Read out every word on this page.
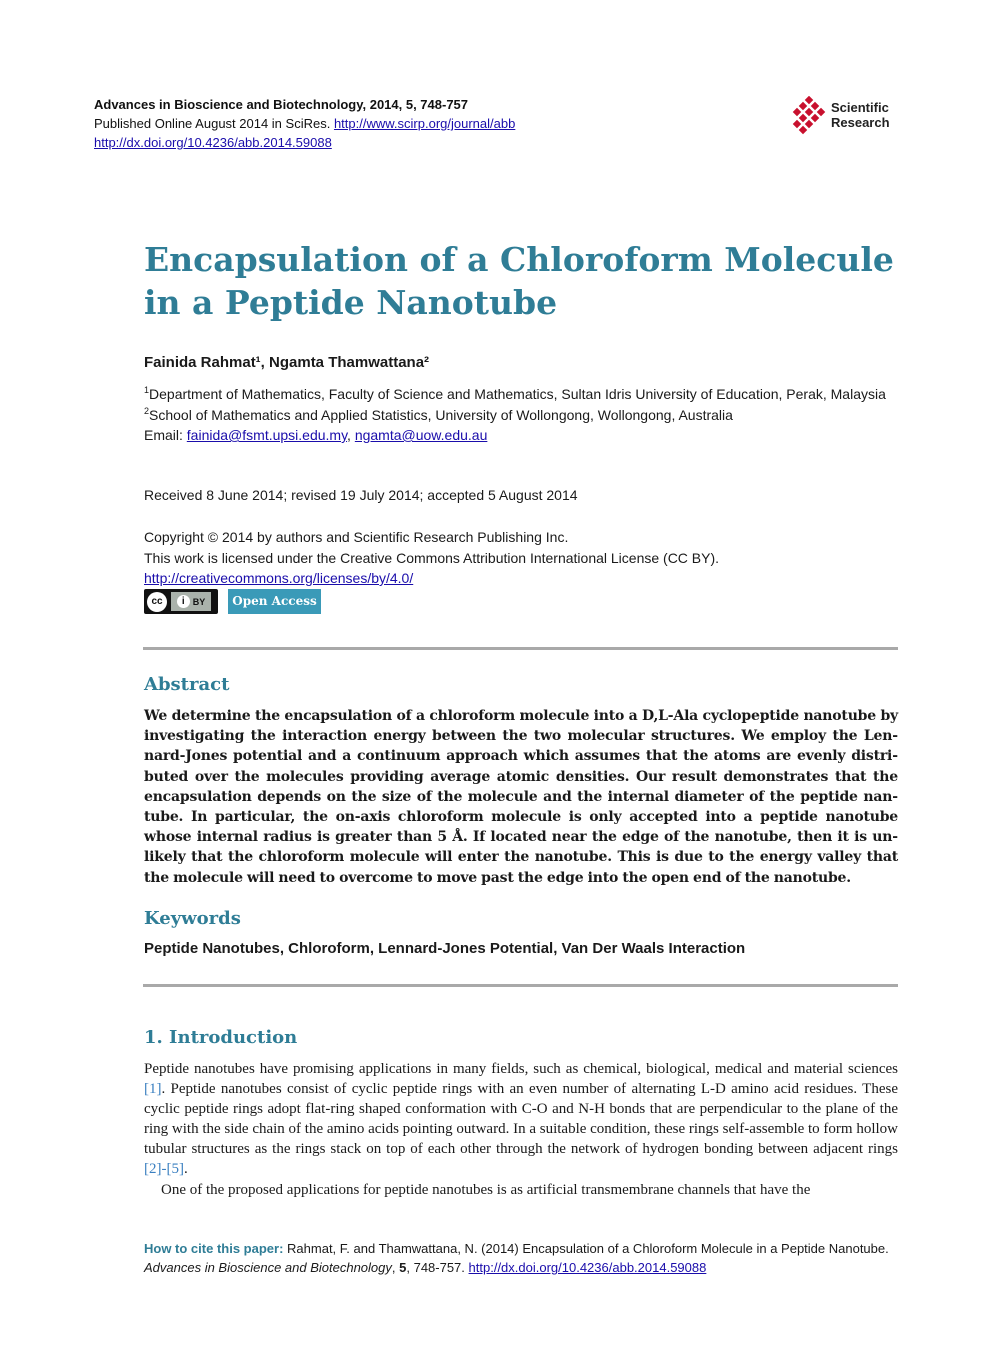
Advances in Bioscience and Biotechnology, 2014, 5, 748-757
Published Online August 2014 in SciRes. http://www.scirp.org/journal/abb
http://dx.doi.org/10.4236/abb.2014.59088
Scientific
Research
Encapsulation of a Chloroform Molecule
in a Peptide Nanotube
Fainida Rahmat¹, Ngamta Thamwattana²
$^1$Department of Mathematics, Faculty of Science and Mathematics, Sultan Idris University of Education, Perak, Malaysia
$^2$School of Mathematics and Applied Statistics, University of Wollongong, Wollongong, Australia
Email: fainida@fsmt.upsi.edu.my, ngamta@uow.edu.au
Received 8 June 2014; revised 19 July 2014; accepted 5 August 2014
Copyright © 2014 by authors and Scientific Research Publishing Inc.
This work is licensed under the Creative Commons Attribution International License (CC BY).
http://creativecommons.org/licenses/by/4.0/
cc	i BY	Open Access
Abstract
We determine the encapsulation of a chloroform molecule into a D,L-Ala cyclopeptide nanotube by investigating the interaction energy between the two molecular structures. We employ the Lennard-Jones potential and a continuum approach which assumes that the atoms are evenly distributed over the molecules providing average atomic densities. Our result demonstrates that the encapsulation depends on the size of the molecule and the internal diameter of the peptide nantube. In particular, the on-axis chloroform molecule is only accepted into a peptide nanotube whose internal radius is greater than 5 Å. If located near the edge of the nanotube, then it is unlikely that the chloroform molecule will enter the nanotube. This is due to the energy valley that the molecule will need to overcome to move past the edge into the open end of the nanotube.
Keywords
Peptide Nanotubes, Chloroform, Lennard-Jones Potential, Van Der Waals Interaction
1. Introduction

Peptide nanotubes have promising applications in many fields, such as chemical, biological, medical and material sciences [1]. Peptide nanotubes consist of cyclic peptide rings with an even number of alternating L-D amino acid residues. These cyclic peptide rings adopt flat-ring shaped conformation with C-O and N-H bonds that are perpendicular to the plane of the ring with the side chain of the amino acids pointing outward. In a suitable condition, these rings self-assemble to form hollow tubular structures as the rings stack on top of each other through the network of hydrogen bonding between adjacent rings [2]-[5].

One of the proposed applications for peptide nanotubes is as artificial transmembrane channels that have the

How to cite this paper: Rahmat, F. and Thamwattana, N. (2014) Encapsulation of a Chloroform Molecule in a Peptide Nanotube. Advances in Bioscience and Biotechnology, 5, 748-757. http://dx.doi.org/10.4236/abb.2014.59088
